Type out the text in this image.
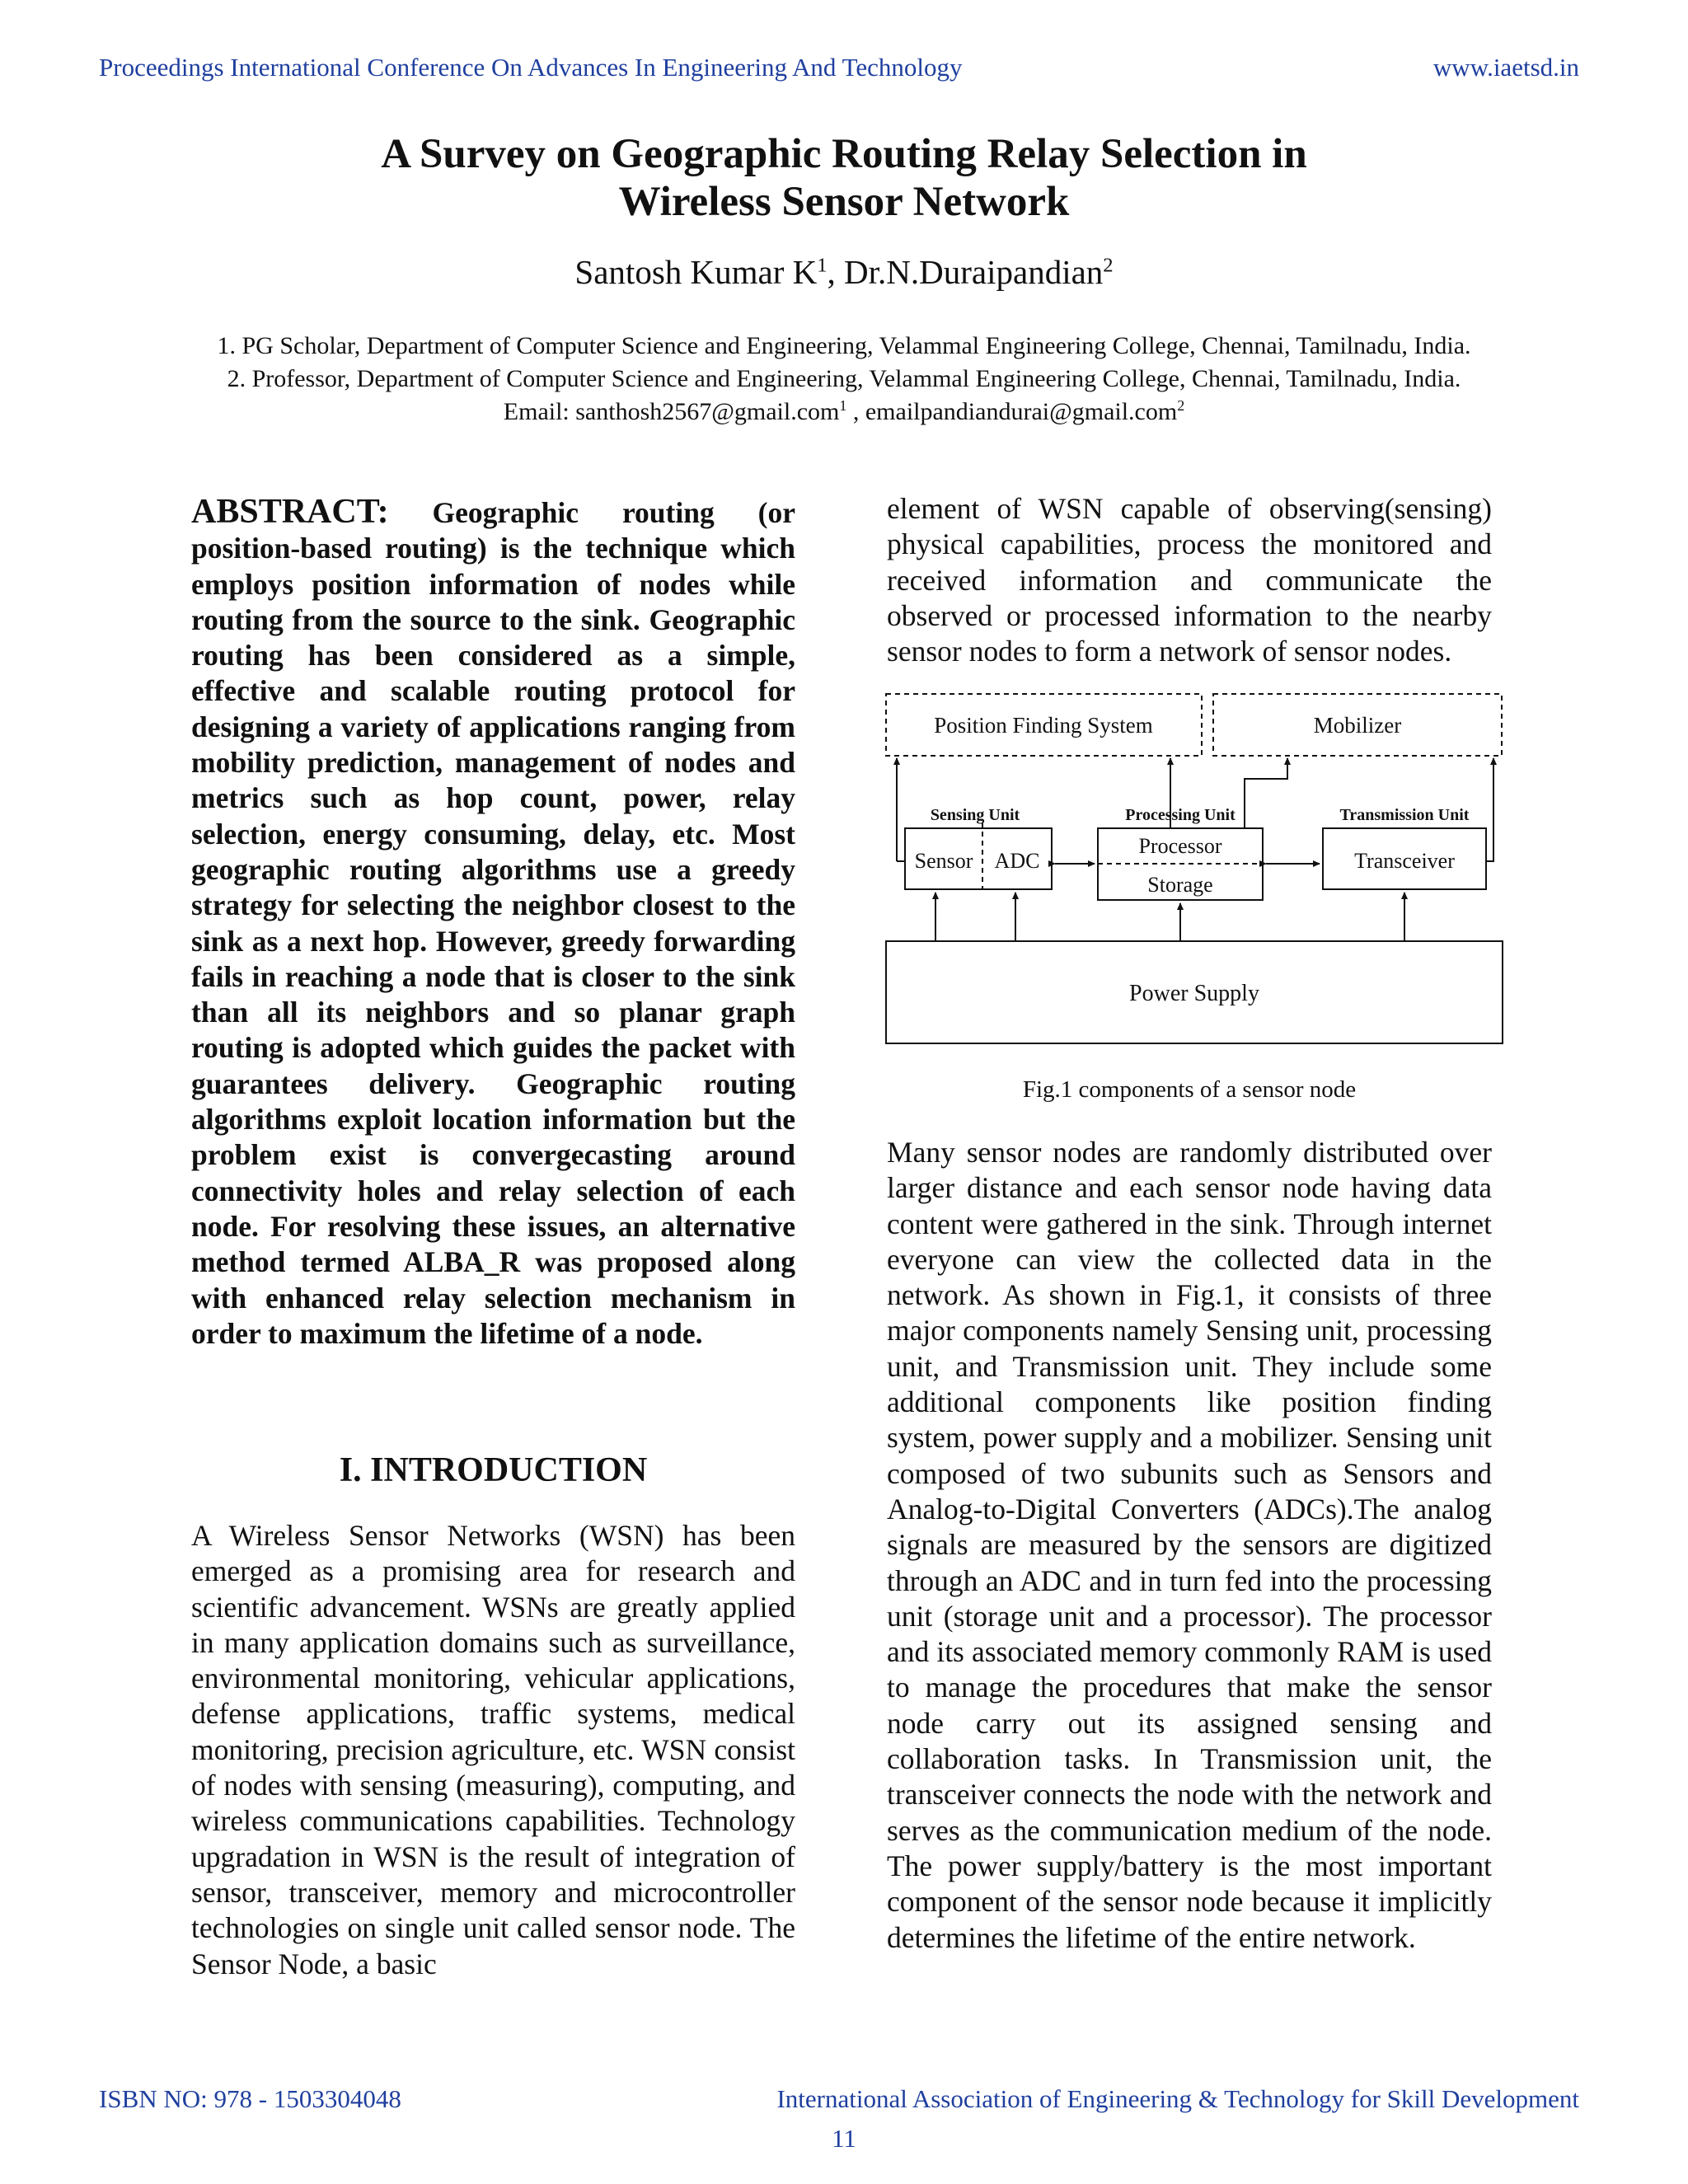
Proceedings International Conference On Advances In Engineering And Technology	www.iaetsd.in
A Survey on Geographic Routing Relay Selection in
Wireless Sensor Network
Santosh Kumar $K^1$, Dr.N.Duraipandian$^2$
1. PG Scholar, Department of Computer Science and Engineering, Velammal Engineering College, Chennai, Tamilnadu, India.
2. Professor, Department of Computer Science and Engineering, Velammal Engineering College, Chennai, Tamilnadu, India.
Email: santhosh2567@gmail.com$^1$ , emailpandiandurai@gmail.com$^2$

ABSTRACT: Geographic routing (or position-based routing) is the technique which employs position information of nodes while routing from the source to the sink. Geographic routing has been considered as a simple, effective and scalable routing protocol for designing a variety of applications ranging from mobility prediction, management of nodes and metrics such as hop count, power, relay selection, energy consuming, delay, etc. Most geographic routing algorithms use a greedy strategy for selecting the neighbor closest to the sink as a next hop. However, greedy forwarding fails in reaching a node that is closer to the sink than all its neighbors and so planar graph routing is adopted which guides the packet with guarantees delivery. Geographic routing algorithms exploit location information but the problem exist is convergecasting around connectivity holes and relay selection of each node. For resolving these issues, an alternative method termed ALBA_R was proposed along with enhanced relay selection mechanism in order to maximum the lifetime of a node.

I. INTRODUCTION

A Wireless Sensor Networks (WSN) has been emerged as a promising area for research and scientific advancement. WSNs are greatly applied in many application domains such as surveillance, environmental monitoring, vehicular applications, defense applications, traffic systems, medical monitoring, precision agriculture, etc. WSN consist of nodes with sensing (measuring), computing, and wireless communications capabilities. Technology upgradation in WSN is the result of integration of sensor, transceiver, memory and microcontroller technologies on single unit called sensor node. The Sensor Node, a basic

element of WSN capable of observing(sensing) physical capabilities, process the monitored and received information and communicate the observed or processed information to the nearby sensor nodes to form a network of sensor nodes.

Position Finding System	Mobilizer
Sensing Unit	Processing Unit	Transmission Unit
Sensor ADC
Processor
Storage
Transceiver
Power Supply
Fig.1 components of a sensor node

Many sensor nodes are randomly distributed over larger distance and each sensor node having data content were gathered in the sink. Through internet everyone can view the collected data in the network. As shown in Fig.1, it consists of three major components namely Sensing unit, processing unit, and Transmission unit. They include some additional components like position finding system, power supply and a mobilizer. Sensing unit composed of two subunits such as Sensors and Analog-to-Digital Converters (ADCs).The analog signals are measured by the sensors are digitized through an ADC and in turn fed into the processing unit (storage unit and a processor). The processor and its associated memory commonly RAM is used to manage the procedures that make the sensor node carry out its assigned sensing and collaboration tasks. In Transmission unit, the transceiver connects the node with the network and serves as the communication medium of the node. The power supply/battery is the most important component of the sensor node because it implicitly determines the lifetime of the entire network.

ISBN NO: 978 - 1503304048	International Association of Engineering & Technology for Skill Development
11
